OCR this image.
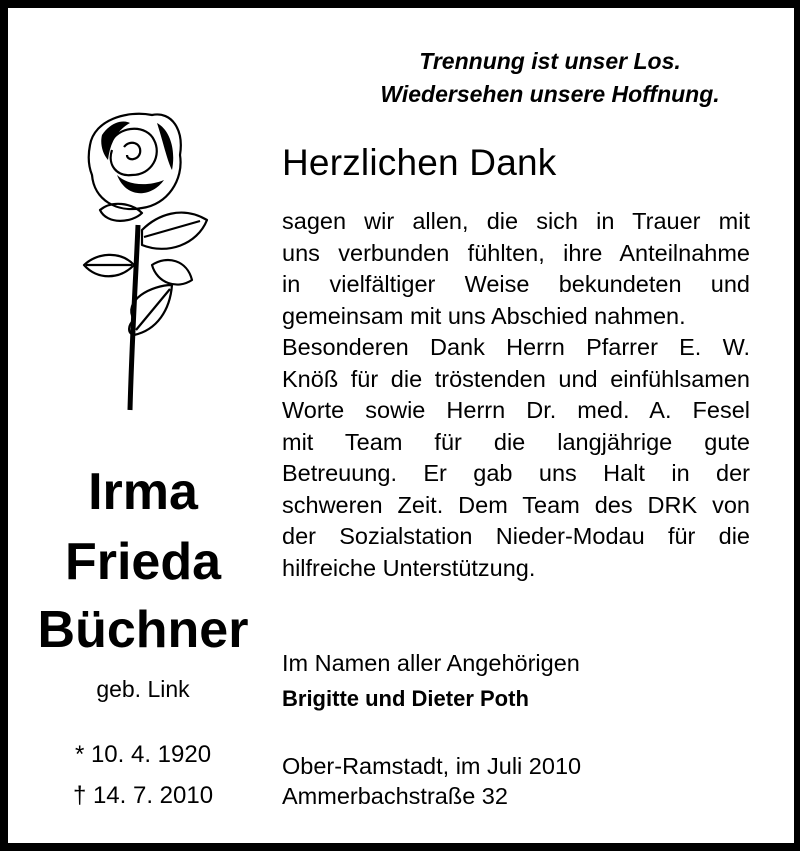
Trennung ist unser Los.
Wiedersehen unsere Hoffnung.
Herzlichen Dank
sagen wir allen, die sich in Trauer mit
uns verbunden fühlten, ihre Anteilnahme
in vielfältiger Weise bekundeten und
gemeinsam mit uns Abschied nahmen.
Besonderen Dank Herrn Pfarrer E. W.
Knöß für die tröstenden und einfühlsamen
Worte sowie Herrn Dr. med. A. Fesel
mit Team für die langjährige gute
Betreuung. Er gab uns Halt in der
schweren Zeit. Dem Team des DRK von
der Sozialstation Nieder-Modau für die
hilfreiche Unterstützung.
Irma
Frieda
Büchner
geb. Link
* 10. 4. 1920
† 14. 7. 2010
Im Namen aller Angehörigen
Brigitte und Dieter Poth
Ober-Ramstadt, im Juli 2010
Ammerbachstraße 32
